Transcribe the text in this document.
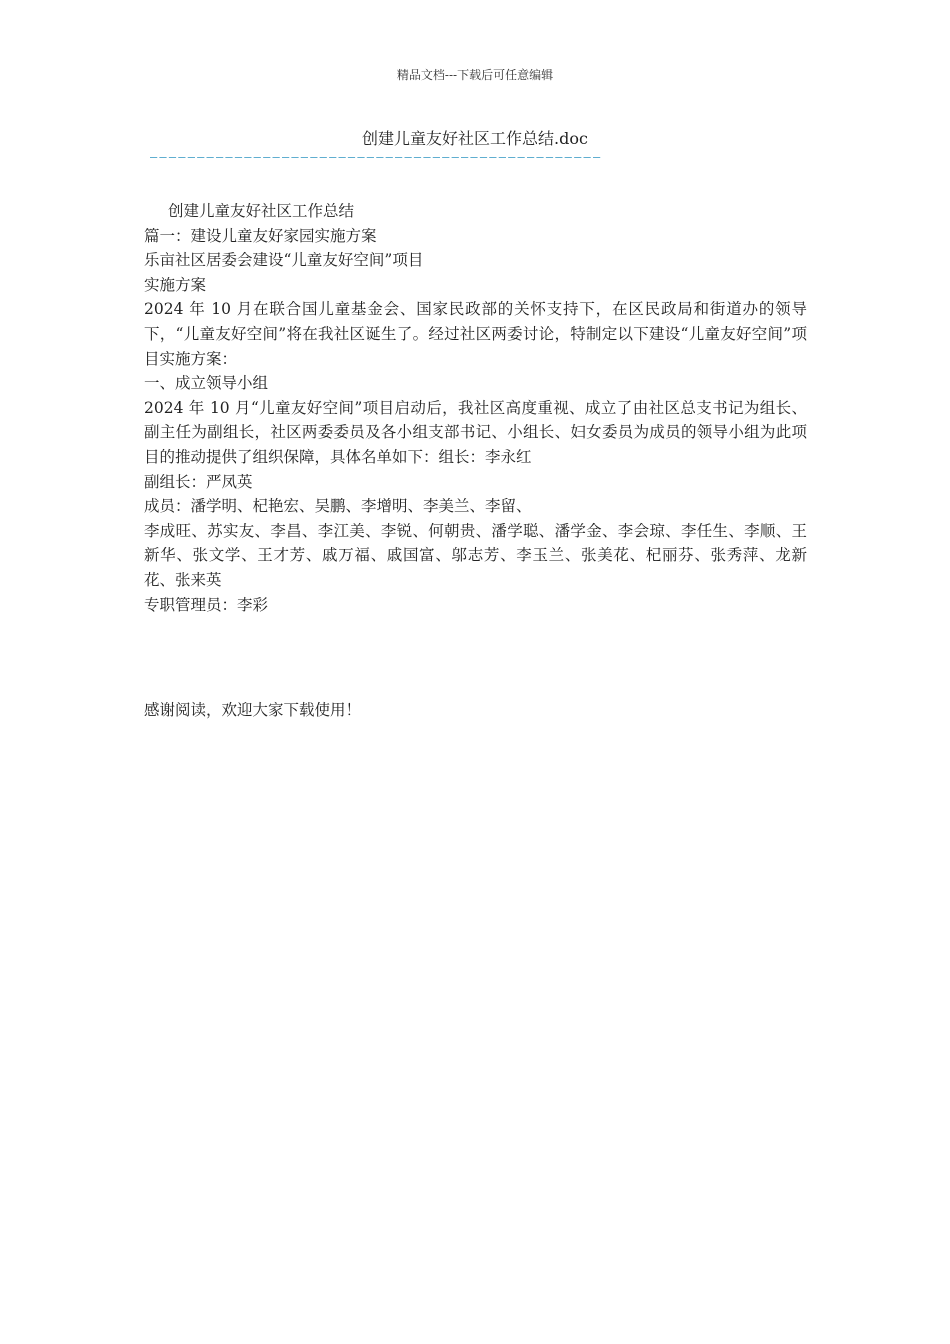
精品文档---下载后可任意编辑
创建儿童友好社区工作总结.doc
————————————————————————————————————————————————
创建儿童友好社区工作总结
篇一：建设儿童友好家园实施方案
乐亩社区居委会建设“儿童友好空间”项目
实施方案
2024 年 10 月在联合国儿童基金会、国家民政部的关怀支持下，在区民政局和街道办的领导下，“儿童友好空间”将在我社区诞生了。经过社区两委讨论，特制定以下建设“儿童友好空间”项目实施方案：
一、成立领导小组
2024 年 10 月“儿童友好空间”项目启动后，我社区高度重视、成立了由社区总支书记为组长、副主任为副组长，社区两委委员及各小组支部书记、小组长、妇女委员为成员的领导小组为此项目的推动提供了组织保障，具体名单如下：组长：李永红
副组长：严凤英
成员：潘学明、杞艳宏、吴鹏、李增明、李美兰、李留、
李成旺、苏实友、李昌、李江美、李锐、何朝贵、潘学聪、潘学金、李会琼、李任生、李顺、王新华、张文学、王才芳、戚万福、戚国富、邬志芳、李玉兰、张美花、杞丽芬、张秀萍、龙新花、张来英
专职管理员：李彩
感谢阅读，欢迎大家下载使用！
